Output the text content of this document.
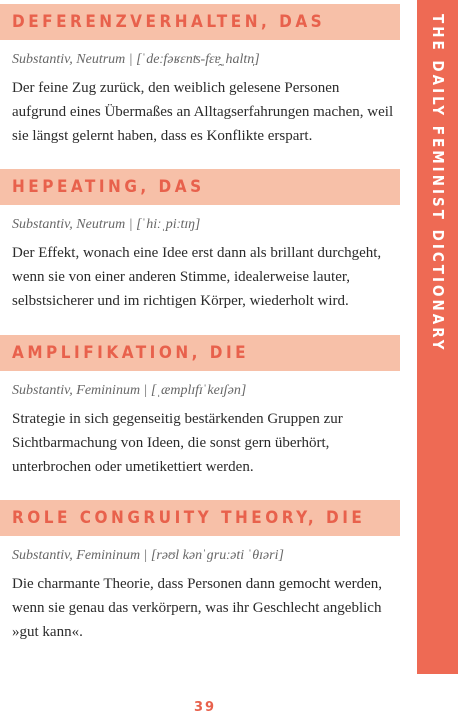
DEFERENZVERHALTEN, DAS
Substantiv, Neutrum | [ˈdeːfəʁɛnʦ-fɛɐ̯ˌhaltn̩]
Der feine Zug zurück, den weiblich gelesene Personen aufgrund eines Übermaßes an Alltagserfahrungen machen, weil sie längst gelernt haben, dass es Konflikte erspart.
HEPEATING, DAS
Substantiv, Neutrum | [ˈhiːˌpiːtɪŋ]
Der Effekt, wonach eine Idee erst dann als brillant durchgeht, wenn sie von einer anderen Stimme, idealerweise lauter, selbstsicherer und im richtigen Körper, wiederholt wird.
AMPLIFIKATION, DIE
Substantiv, Femininum | [ˌæmplɪfɪˈkeɪʃən]
Strategie in sich gegenseitig bestärkenden Gruppen zur Sichtbarmachung von Ideen, die sonst gern überhört, unterbrochen oder umetikettiert werden.
ROLE CONGRUITY THEORY, DIE
Substantiv, Femininum | [rəʊl kənˈɡruːəti ˈθɪəri]
Die charmante Theorie, dass Personen dann gemocht werden, wenn sie genau das verkörpern, was ihr Geschlecht angeblich »gut kann«.
THE DAILY FEMINIST DICTIONARY
39
